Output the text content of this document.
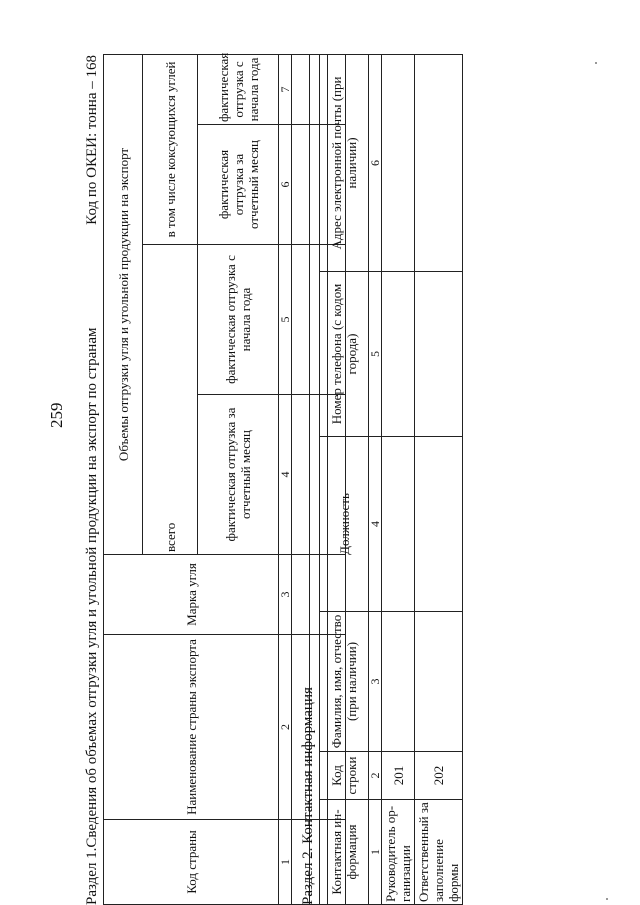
259 Раздел 1.Сведения об объемах отгрузки угля и угольной продукции на экспорт по странам
Код по ОКЕИ: тонна – 168
Код страны	Наименование страны экспорта	Марка угля	Объемы отгрузки угля и угольной продукции на экспорт			
			всего		в том числе коксующихся углей	
			фактическая отгрузка за отчетный месяц	фактическая отгрузка с начала года	фактическая отгрузка за отчетный месяц	фактическая отгрузка с начала года
1	2	3	4	5	6	7

Раздел 2. Контактная информация Контактная ин-формация	Код строки	Фамилия, имя, отчество (при наличии)	Должность	Номер телефона (с кодом города)	Адрес электронной почты (при наличии)
1	2	3	4	5	6
Руководитель ор-ганизации	201				
Ответственный за заполнение формы	202				
